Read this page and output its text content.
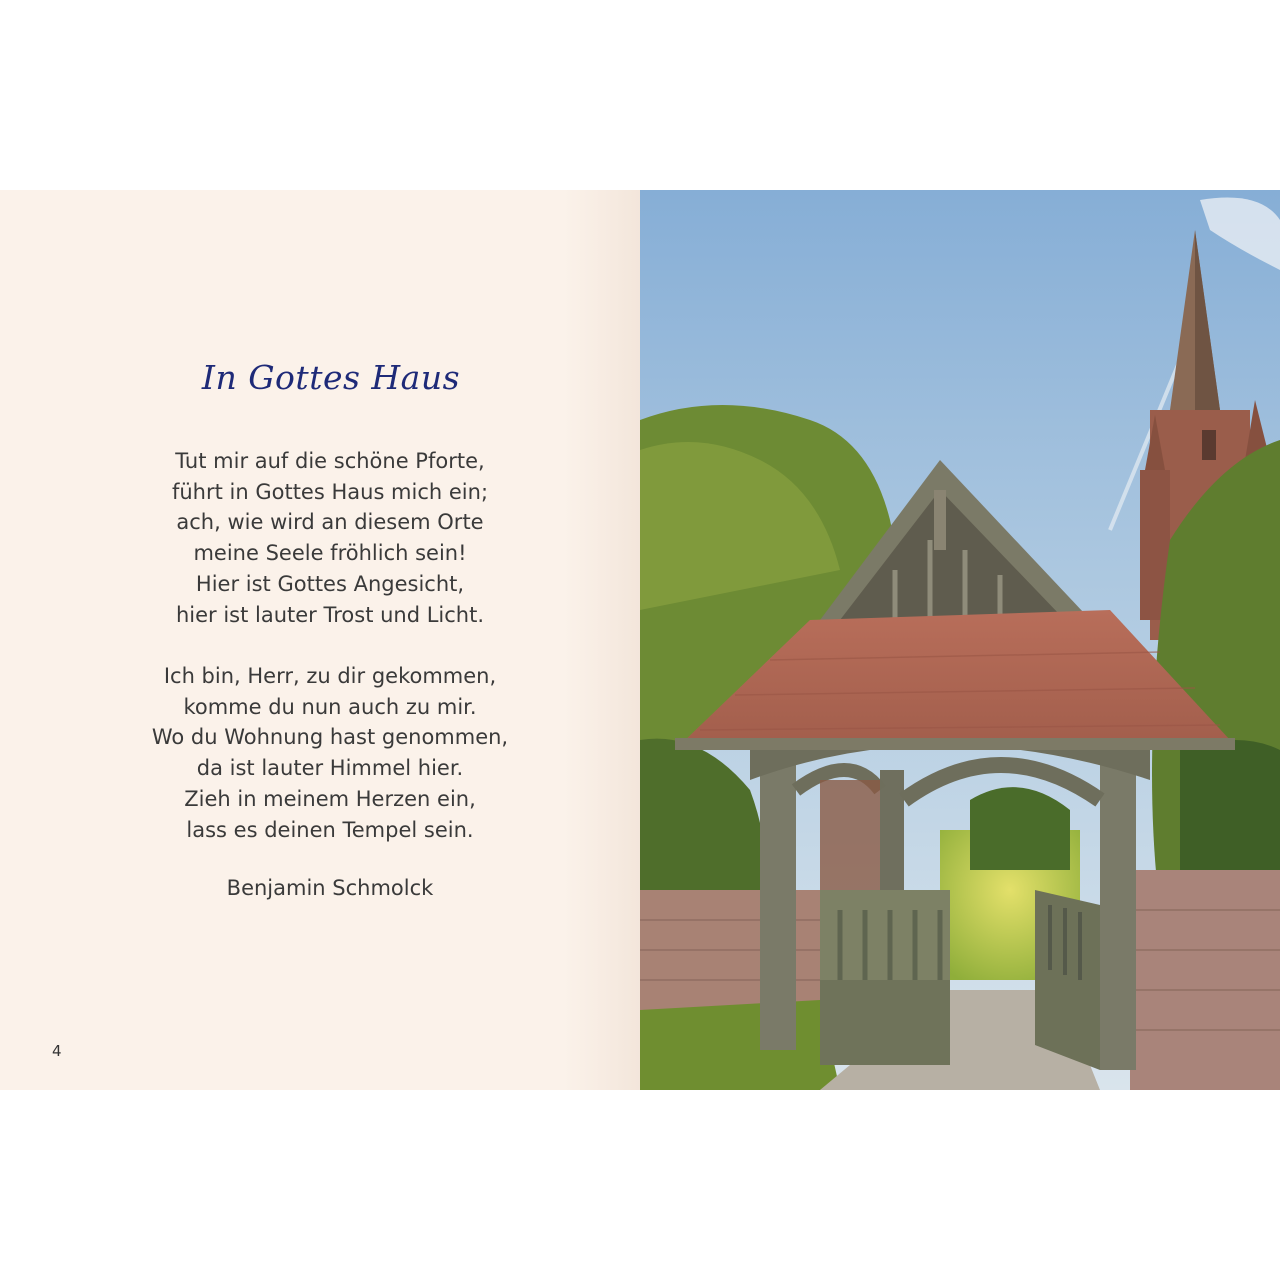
In Gottes Haus

Tut mir auf die schöne Pforte,
führt in Gottes Haus mich ein;
ach, wie wird an diesem Orte
meine Seele fröhlich sein!
Hier ist Gottes Angesicht,
hier ist lauter Trost und Licht.

Ich bin, Herr, zu dir gekommen,
komme du nun auch zu mir.
Wo du Wohnung hast genommen,
da ist lauter Himmel hier.
Zieh in meinem Herzen ein,
lass es deinen Tempel sein.

Benjamin Schmolck
4
